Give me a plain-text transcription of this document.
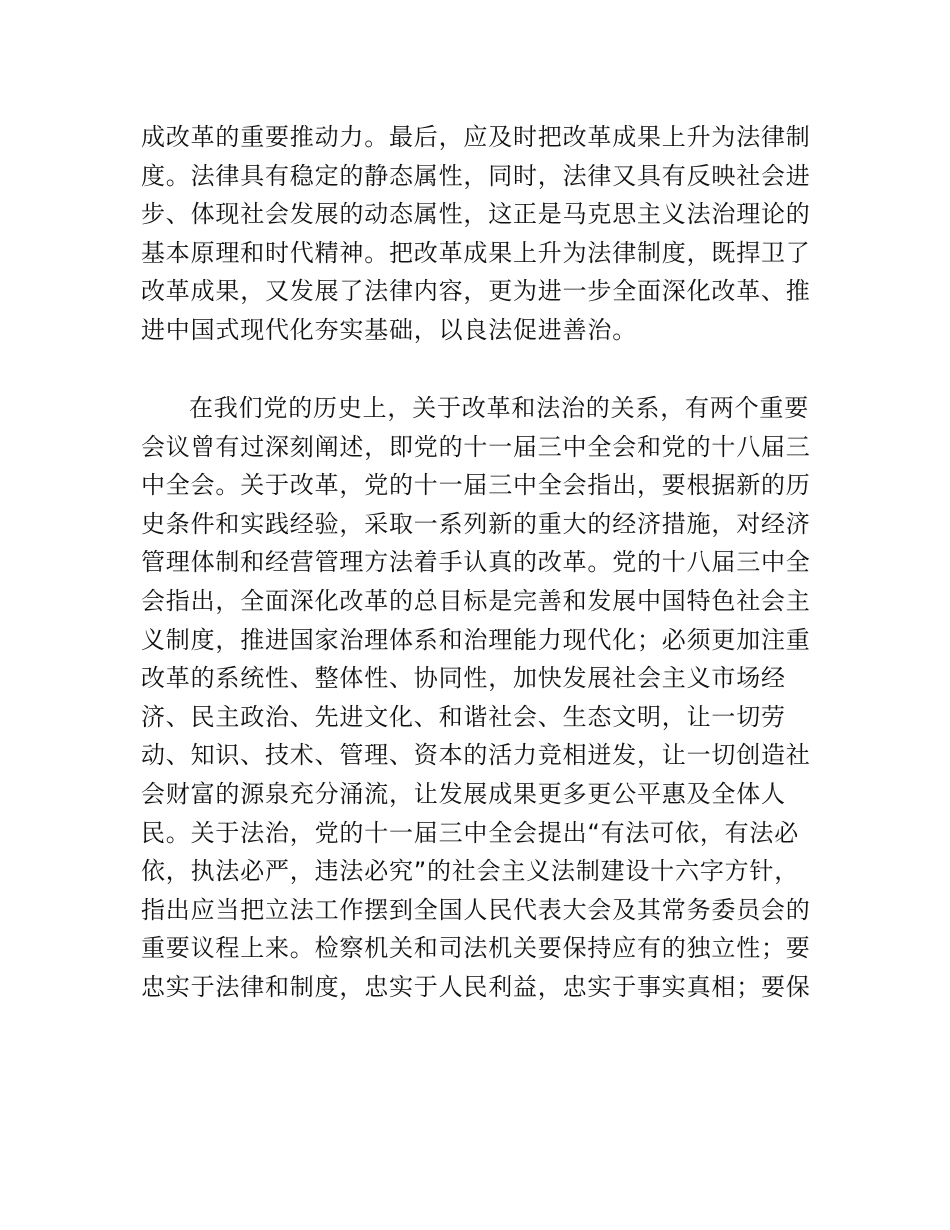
成改革的重要推动力。最后，应及时把改革成果上升为法律制
度。法律具有稳定的静态属性，同时，法律又具有反映社会进
步、体现社会发展的动态属性，这正是马克思主义法治理论的
基本原理和时代精神。把改革成果上升为法律制度，既捍卫了
改革成果，又发展了法律内容，更为进一步全面深化改革、推
进中国式现代化夯实基础，以良法促进善治。
在我们党的历史上，关于改革和法治的关系，有两个重要
会议曾有过深刻阐述，即党的十一届三中全会和党的十八届三
中全会。关于改革，党的十一届三中全会指出，要根据新的历
史条件和实践经验，采取一系列新的重大的经济措施，对经济
管理体制和经营管理方法着手认真的改革。党的十八届三中全
会指出，全面深化改革的总目标是完善和发展中国特色社会主
义制度，推进国家治理体系和治理能力现代化；必须更加注重
改革的系统性、整体性、协同性，加快发展社会主义市场经
济、民主政治、先进文化、和谐社会、生态文明，让一切劳
动、知识、技术、管理、资本的活力竞相迸发，让一切创造社
会财富的源泉充分涌流，让发展成果更多更公平惠及全体人
民。关于法治，党的十一届三中全会提出“有法可依，有法必
依，执法必严，违法必究”的社会主义法制建设十六字方针，
指出应当把立法工作摆到全国人民代表大会及其常务委员会的
重要议程上来。检察机关和司法机关要保持应有的独立性；要
忠实于法律和制度，忠实于人民利益，忠实于事实真相；要保
